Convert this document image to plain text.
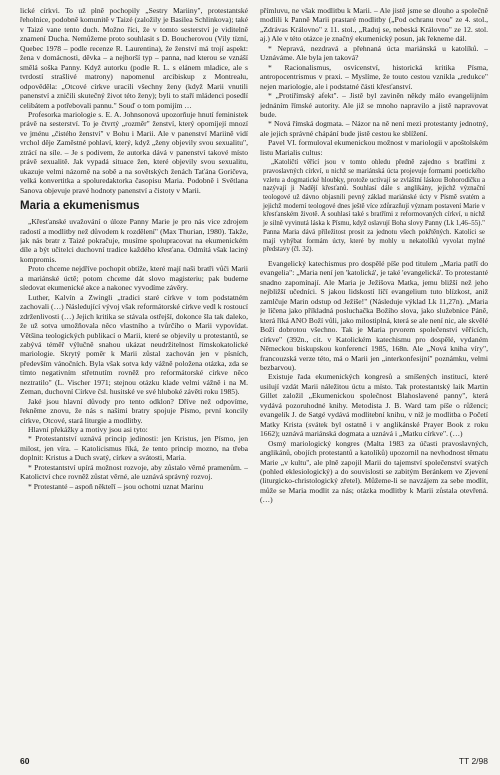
lické církvi. To už plně pochopily „Sestry Mariiny", protestantské řeholnice, podobně komunitě v Taizé (založily je Basilea Schlinkova); také v Taizé vane tento duch. Možno říci, že v tomto sesterství je viditelně znamení Ducha. Nemůžeme proto souhlasit s D. Boucherovou (Vily tízní, Quebec 1978 – podle recenze R. Laurentina), že ženství má trojí aspekt: žena v domácnosti, děvka – a nejhorší typ – panna, nad kterou se vznáší smělá soška Panny. Když autorku (podle R. L. s elánem mladice, ale s tvrdostí strašlivé matrony) napomenul arcibiskup z Montrealu, odpověděla: „Otcové církve uracili všechny ženy (když Marii vnutili panenství a zničili skutečný život této ženy); byli to staří mládenci posedlí celibátem a potřebovali pannu." Souď o tom pomijím …

Profesorka mariologie s. E. A. Johnsonová upozorňuje hnutí feministek právě na sesterství. To je čtvrtý „rozměr" ženství, který opomíjejí mnozí ve jménu „čistého ženství" v Bohu i Marii. Ale v panenství Mariině vidí vrchol děje Zaměstné pohlaví, který, když „ženy objevily svou sexualitu", ztrácí na síle. – Je s podivem, že autorka dává v panenství takové místo právě sexualitě. Jak vypadá situace žen, které objevily svou sexualitu, ukazuje velmi názorně na sobě a na sovětských ženách Taťána Goričeva, velká konvertitka a spoluredaktorka časopisu Maria. Podobně i Světlana Sanova objevuje pravé hodnoty panenství a čistoty v Marii.

Maria a ekumenismus

„Křesťanské uvažování o úloze Panny Marie je pro nás vice zdrojem radostí a modlitby než důvodem k rozdělení" (Max Thurian, 1980). Takže, jak nás bratr z Taizé pokračuje, musíme spolupracovat na ekumenickém díle a být učitelci duchovní tradice každého křesťana. Odmítá však laciný kompromis.

Proto chceme nejdříve pochopit obtíže, které mají naši bratři vůči Marii a mariánské úctě; potom chceme dát slovo magisteriu; pak budeme sledovat ekumenické akce a nakonec vyvodíme závěry.

Luther, Kalvín a Zwingli „tradici staré církve v tom podstatném zachovali (…) Následující vývoj však reformátorské církve vedl k rostoucí zdrženlivosti (…) Jejich kritika se stávala ostřejší, dokonce šla tak daleko, že už sotva umožňovala něco vlastního a tvůrčího o Marii vypovídat. Většina teologických publikací o Marii, které se objevily u protestantů, se zabývá téměř výlučně snahou ukázat neudržitelnost římskokatolické mariologie. Skrytý poměr k Marii zůstal zachován jen v písních, především vánočních. Byla však sotva kdy vážně položena otázka, zda se tímto negativním střetnutím rovněž pro reformátorské církve něco neztratilo" (L. Vischer 1971; stejnou otázku klade velmi vážně i na M. Zeman, duchovní Církve čsl. husitské ve své hluboké závěti roku 1985).

Jaké jsou hlavní důvody pro tento odklon? Dříve než odpovíme, řekněme znovu, že nás s našimi bratry spojuje Písmo, první koncily církve, Otcové, stará liturgie a modlitby.

Hlavní překážky a motivy jsou asi tyto:

* Protestantství uznává princip jedinosti: jen Kristus, jen Písmo, jen milost, jen víra. – Katolicismus říká, že tento princip mozno, na třeba doplnit: Kristus a Duch svatý, církev a svátosti, Maria.

* Protestantství upírá možnost rozvoje, aby zůstalo věrné pramenům. – Katolictví chce rovněž zůstat věrné, ale uznává správný rozvoj.

* Protestanté – aspoň někteří – jsou ochotni uznat Marinu

přímluvu, ne však modlitbu k Marii. – Ale jistě jsme se dlouho a společně modlili k Panně Marii prastaré modlitby („Pod ochranu tvou" ze 4. stol., „Zdrávas Královno" z 11. stol., „Raduj se, nebeská Královno" ze 12. stol. aj.) Ale v této otázce je značný ekumenický posun, jak řekneme dál.

* Nepravá, nezdravá a přehnaná úcta mariánská u katolíků. – Uznáváme. Ale byla jen taková?

* Racionalismus, osvícenství, historická kritika Písma, antropocentrismus v praxi. – Myslíme, že touto cestou vznikla „redukce" nejen mariologie, ale i podstatné části křesťanství.

* „Protiřímský afekt". – Jistě byl zaviněn někdy málo evangelijním jednáním římské autority. Ale již se mnoho napravilo a jistě napravovat bude.

* Nová římská dogmata. – Názor na ně není mezi protestanty jednotný, ale jejich správné chápání bude jistě cestou ke sblížení.

Pavel VI. formuloval ekumenickou možnost v mariologii v apoštolském listu Marialis cultus:

„Katoličtí věřící jsou v tomto ohledu předně zajedno s bratřími z pravoslavných církví, u nichž se mariánská úcta projevuje formami poetického vzletu a dogmatické hloubky, protože uctívají se zvláštní láskou Bohorodičku a nazývají ji Nadějí křesťanů. Souhlasí dále s anglikány, jejichž význační teologové už dávno objasnili pevný základ mariánské úcty v Písmě svatém a jejichž moderní teologové dnes ještě více zdůrazňují význam postavení Marie v křesťanském životě. A souhlasí také s bratřími z reformovaných církví, u nichž je silně vyvinutá láska k Písmu, když oslavují Boha slovy Panny (Lk 1,46–55)." Panna Maria dává příležitost prosit za jednotu všech pokřtěných. Katolíci se mají vyhýbat formám úcty, které by mohly u nekatolíků vyvolat mylné představy (čl. 32).

Evangelický katechismus pro dospělé píše pod titulem „Maria patří do evangelia": „Maria není jen 'katolická', je také 'evangelická'. To protestanté snadno zapomínají. Ale Maria je Ježíšova Matka, jemu bližší než jeho nejbližší učedníci. S jakou lidskostí líčí evangelium tuto blízkost, aniž zamlčuje Marin odstup od Ježíše!" (Následuje výklad Lk 11,27n). „Maria je líčena jako příkladná posluchačka Božího slova, jako služebnice Páně, která říká ANO Boží vůli, jako milostiplná, která se ale není nic, ale skvělé Boží dobrotou všechno. Tak je Maria prvorem společenství věřících, církve" (392n., cit. v Katolickém katechismu pro dospělé, vydaném Německou biskupskou konferencí 1985, 168n. Ale „Nová kniha víry", francouzská verze této, má o Marii jen „interkonfesijní" poznámku, velmi bezbarvou).

Existuje řada ekumenických kongresů a smíšených institucí, které usilují vzdát Marii náležitou úctu a místo. Tak protestantský laik Martin Gillet založil „Ekumenickou společnost Blahoslavené panny", která vydává pozoruhodné knihy. Metodista J. B. Ward tam píše o růženci; evangelík J. de Satgé vydává modlitební knihu, v níž je modlitba o Početí Matky Krista (svátek byl ostatně i v anglikánské Prayer Book z roku 1662); uznává mariánská dogmata a uznává i „Matku církve". (…)

Osmý mariologický kongres (Malta 1983 za účasti pravoslavných, anglikánů, obojích protestantů a katolíků) upozornil na nevhodnost těmatu Marie „v kultu", ale plně zapojil Marii do tajemství společenství svatých (pohled eklesiologický) a do souvislosti se zabitým Beránkem ve Zjevení (liturgicko-christologický zřetel). Můžeme-li se navzájem za sebe modlit, může se Maria modlit za nás; otázka modlitby k Marii zůstala otevřená. (…)

60	TT 2/98
